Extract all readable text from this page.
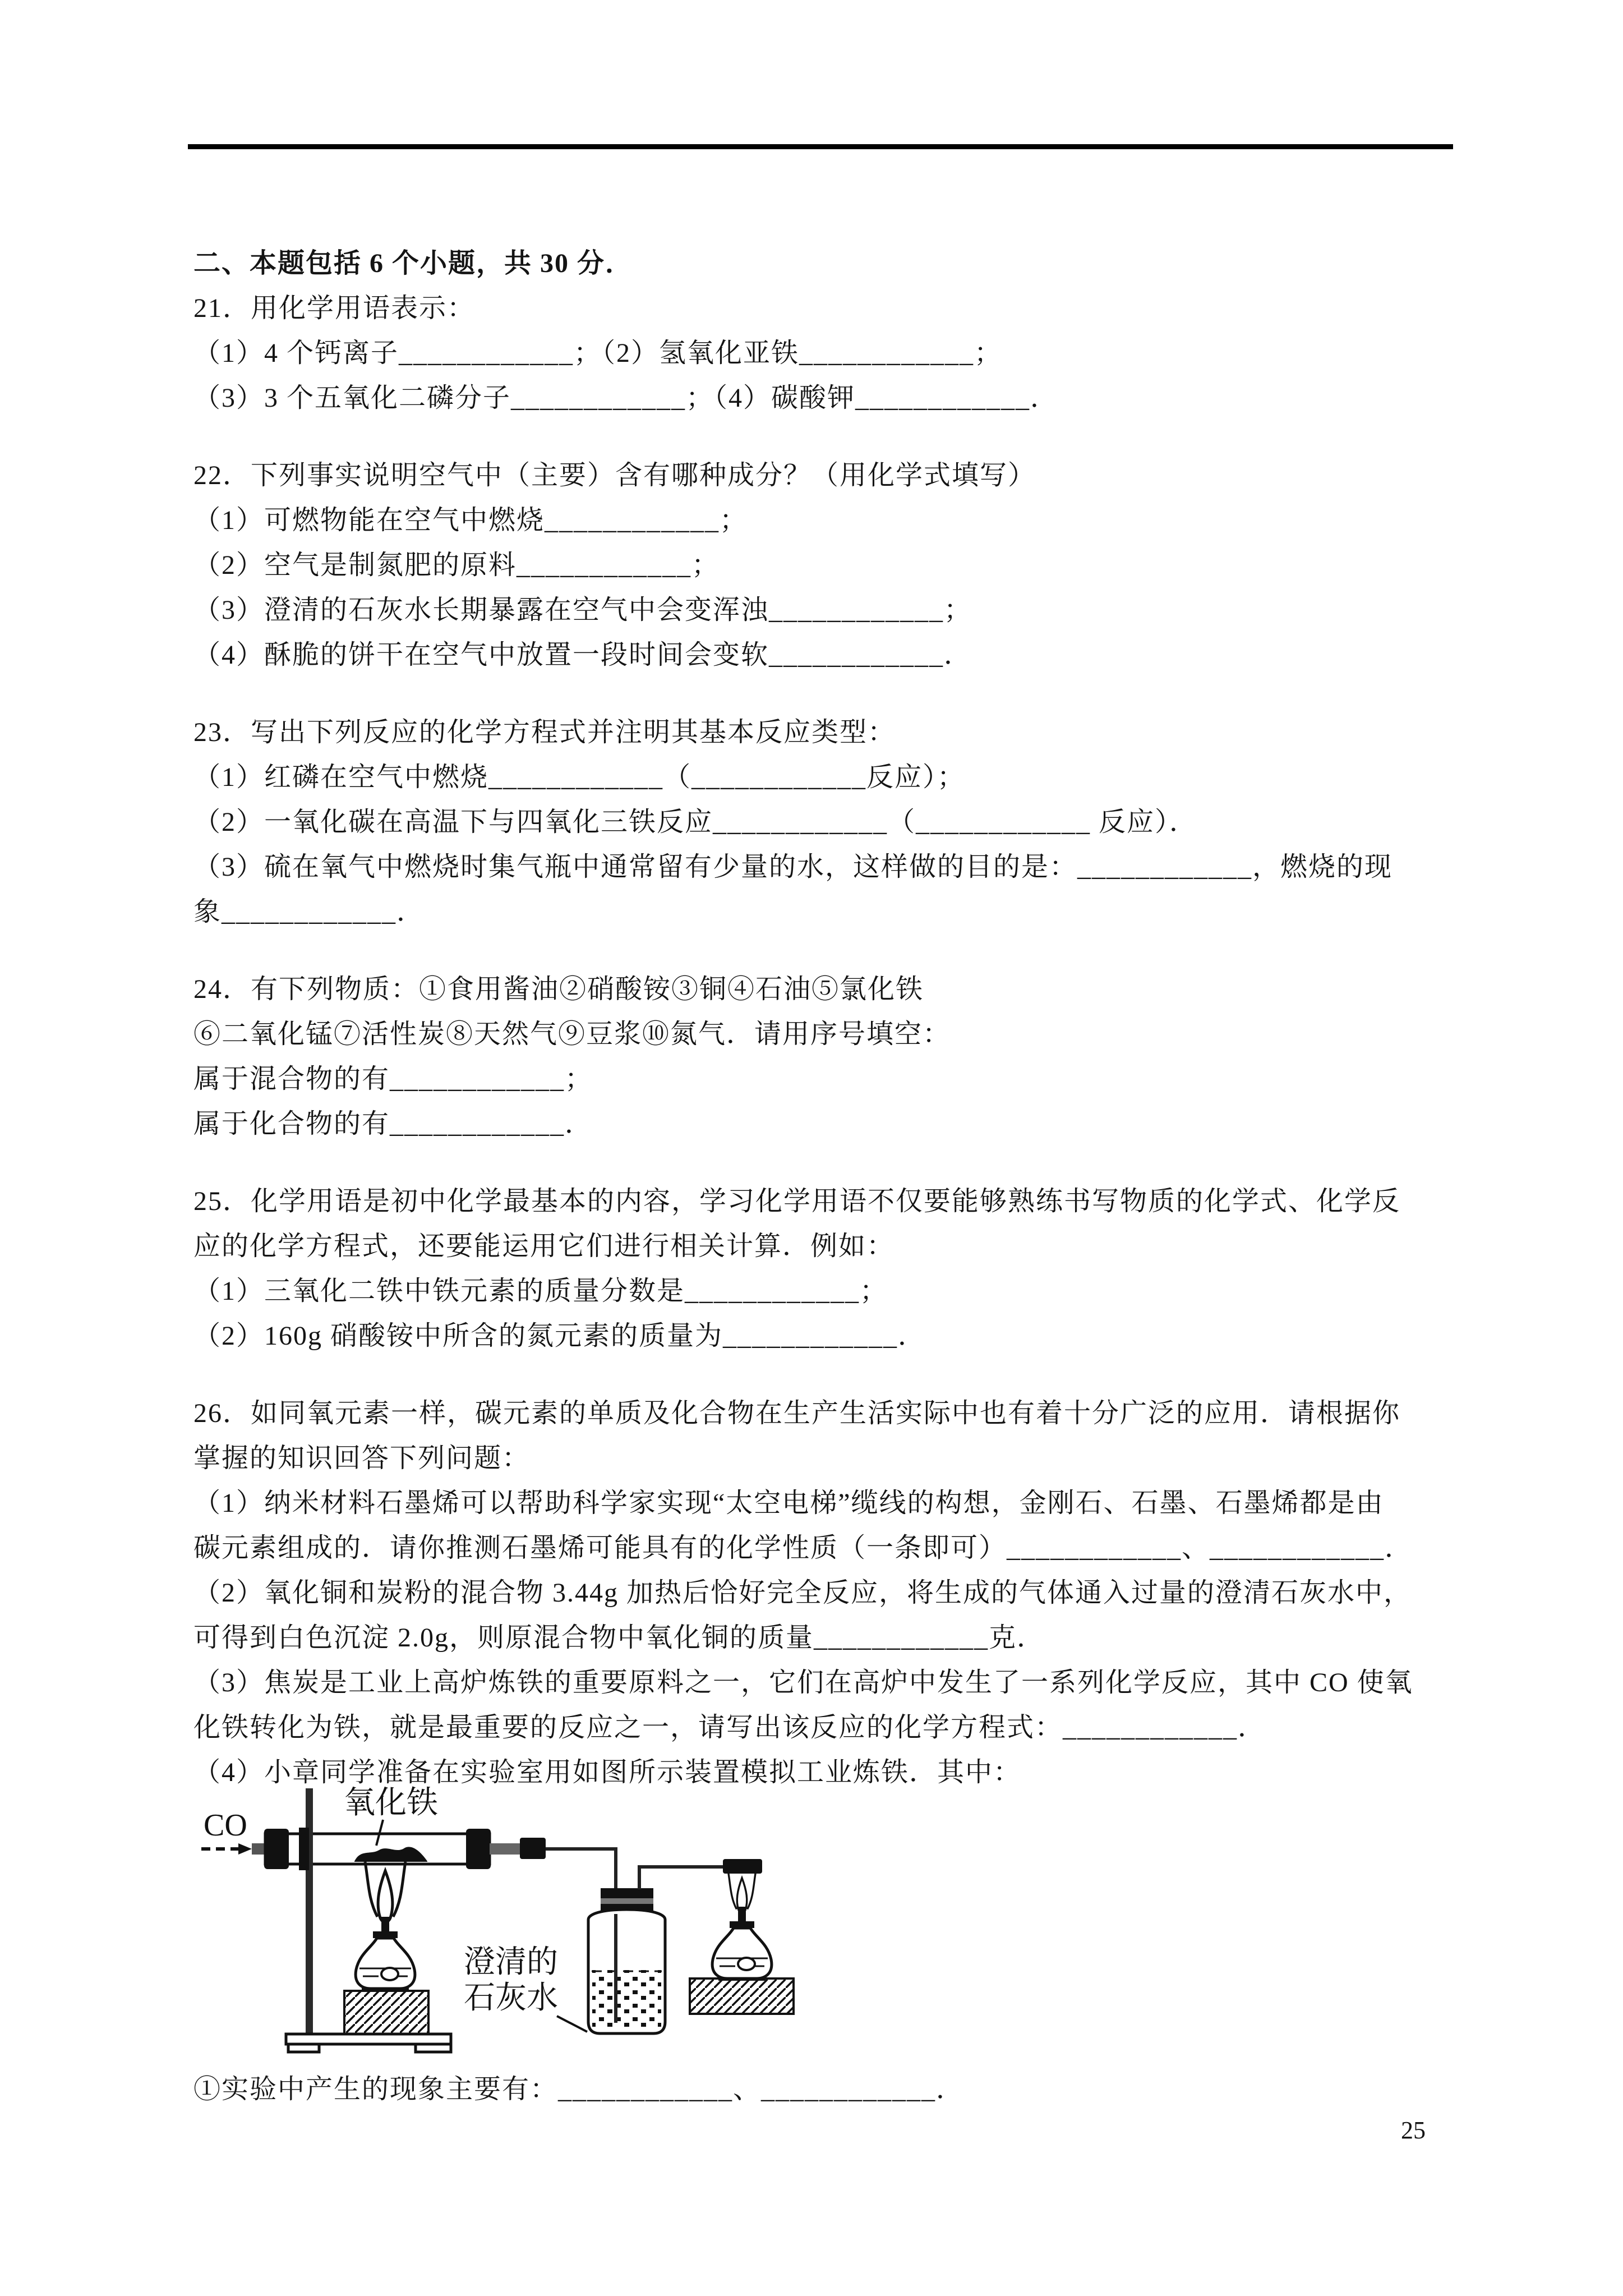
二、本题包括 6 个小题，共 30 分．
21．用化学用语表示：
（1）4 个钙离子____________；（2）氢氧化亚铁____________；
（3）3 个五氧化二磷分子____________；（4）碳酸钾____________．
22．下列事实说明空气中（主要）含有哪种成分？（用化学式填写）
（1）可燃物能在空气中燃烧____________；
（2）空气是制氮肥的原料____________；
（3）澄清的石灰水长期暴露在空气中会变浑浊____________；
（4）酥脆的饼干在空气中放置一段时间会变软____________．
23．写出下列反应的化学方程式并注明其基本反应类型：
（1）红磷在空气中燃烧____________（____________反应）；
（2）一氧化碳在高温下与四氧化三铁反应____________（____________ 反应）．
（3）硫在氧气中燃烧时集气瓶中通常留有少量的水，这样做的目的是：____________，燃烧的现
象____________．
24．有下列物质：①食用酱油②硝酸铵③铜④石油⑤氯化铁
⑥二氧化锰⑦活性炭⑧天然气⑨豆浆⑩氮气．请用序号填空：
属于混合物的有____________；
属于化合物的有____________．
25．化学用语是初中化学最基本的内容，学习化学用语不仅要能够熟练书写物质的化学式、化学反
应的化学方程式，还要能运用它们进行相关计算．例如：
（1）三氧化二铁中铁元素的质量分数是____________；
（2）160g 硝酸铵中所含的氮元素的质量为____________．
26．如同氧元素一样，碳元素的单质及化合物在生产生活实际中也有着十分广泛的应用．请根据你
掌握的知识回答下列问题：
（1）纳米材料石墨烯可以帮助科学家实现“太空电梯”缆线的构想，金刚石、石墨、石墨烯都是由
碳元素组成的．请你推测石墨烯可能具有的化学性质（一条即可）____________、____________．
（2）氧化铜和炭粉的混合物 3.44g 加热后恰好完全反应，将生成的气体通入过量的澄清石灰水中，
可得到白色沉淀 2.0g，则原混合物中氧化铜的质量____________克．
（3）焦炭是工业上高炉炼铁的重要原料之一，它们在高炉中发生了一系列化学反应，其中 CO 使氧
化铁转化为铁，就是最重要的反应之一，请写出该反应的化学方程式：____________．
（4）小章同学准备在实验室用如图所示装置模拟工业炼铁．其中：
CO
氧化铁
澄清的
石灰水
①实验中产生的现象主要有：____________、____________．
25
